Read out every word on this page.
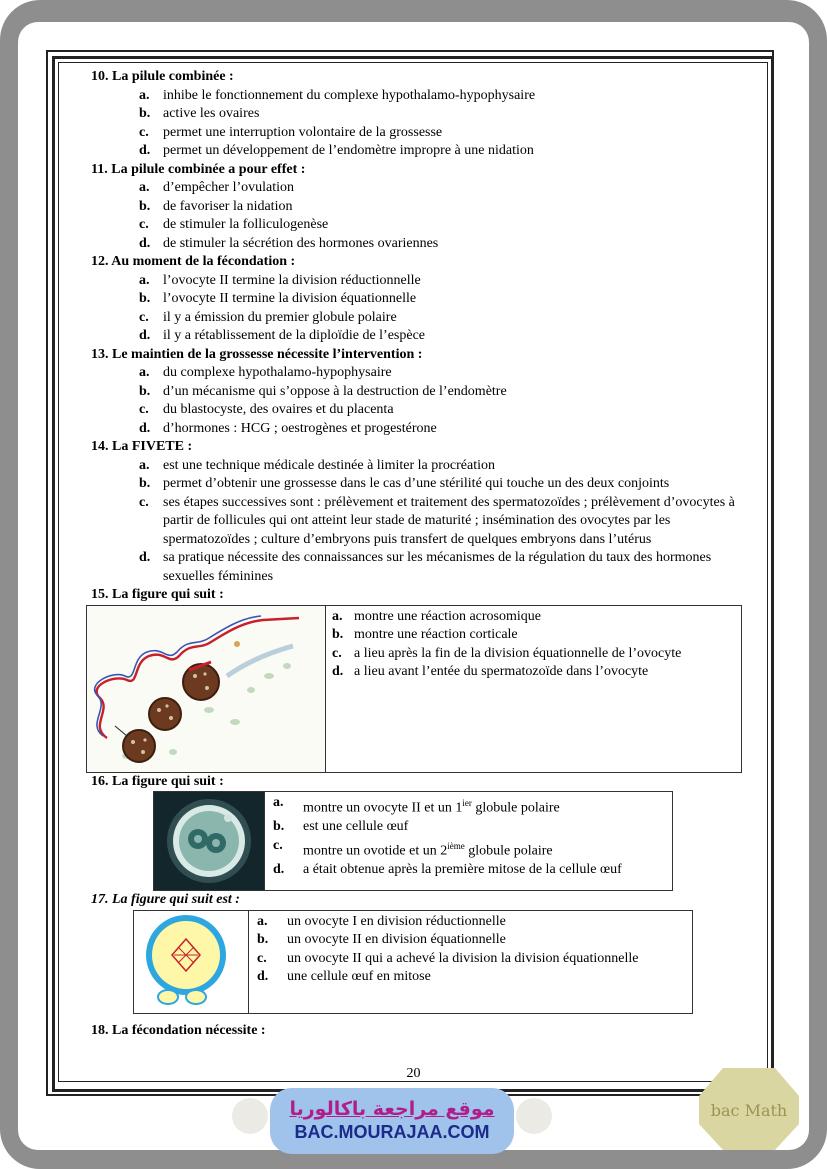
10. La pilule combinée :
a. inhibe le fonctionnement du complexe hypothalamo-hypophysaire
b. active les ovaires
c.	permet une interruption volontaire de la grossesse
d. permet un développement de l’endomètre impropre à une nidation
11. La pilule combinée a pour effet :
a. d’empêcher l’ovulation
b. de favoriser la nidation
c.	de stimuler la folliculogenèse
d. de stimuler la sécrétion des hormones ovariennes
12. Au moment de la fécondation :
a. l’ovocyte II termine la division réductionnelle
b. l’ovocyte II termine la division équationnelle
c.	il y a émission du premier globule polaire
d. il y a rétablissement de la diploïdie de l’espèce
13. Le maintien de la grossesse nécessite l’intervention :
a. du complexe hypothalamo-hypophysaire
b. d’un mécanisme qui s’oppose à la destruction de l’endomètre
c.	du blastocyste, des ovaires et du placenta
d. d’hormones : HCG ; oestrogènes et progestérone
14. La FIVETE :
a. est une technique médicale destinée à limiter la procréation
b. permet d’obtenir une grossesse dans le cas d’une stérilité qui touche un des deux conjoints
c.	ses étapes successives sont : prélèvement et traitement des spermatozoïdes ; prélèvement d’ovocytes à partir de follicules qui ont atteint leur stade de maturité ; insémination des ovocytes par les spermatozoïdes ; culture d’embryons puis transfert de quelques embryons dans l’utérus
d. sa pratique nécessite des connaissances sur les mécanismes de la régulation du taux des hormones sexuelles féminines
15. La figure qui suit :
a. montre une réaction acrosomique
b. montre une réaction corticale
c. a lieu après la fin de la division équationnelle de l’ovocyte
d. a lieu avant l’entée du spermatozoïde dans l’ovocyte
16. La figure qui suit :
a.	montre un ovocyte II et un $1^{ier}$ globule polaire
b.	est une cellule œuf
c.	montre un ovotide et un 2ième globule polaire
d.	a était obtenue après la première mitose de la cellule œuf
17. La figure qui suit est :
a.	un ovocyte I en division réductionnelle
b.	un ovocyte II en division équationnelle
c.	un ovocyte II qui a achevé la division la division équationnelle
d.	une cellule œuf en mitose
18. La fécondation nécessite :
20
موقع مراجعة باكالوريا
BAC.MOURAJAA.COM
bac Math
